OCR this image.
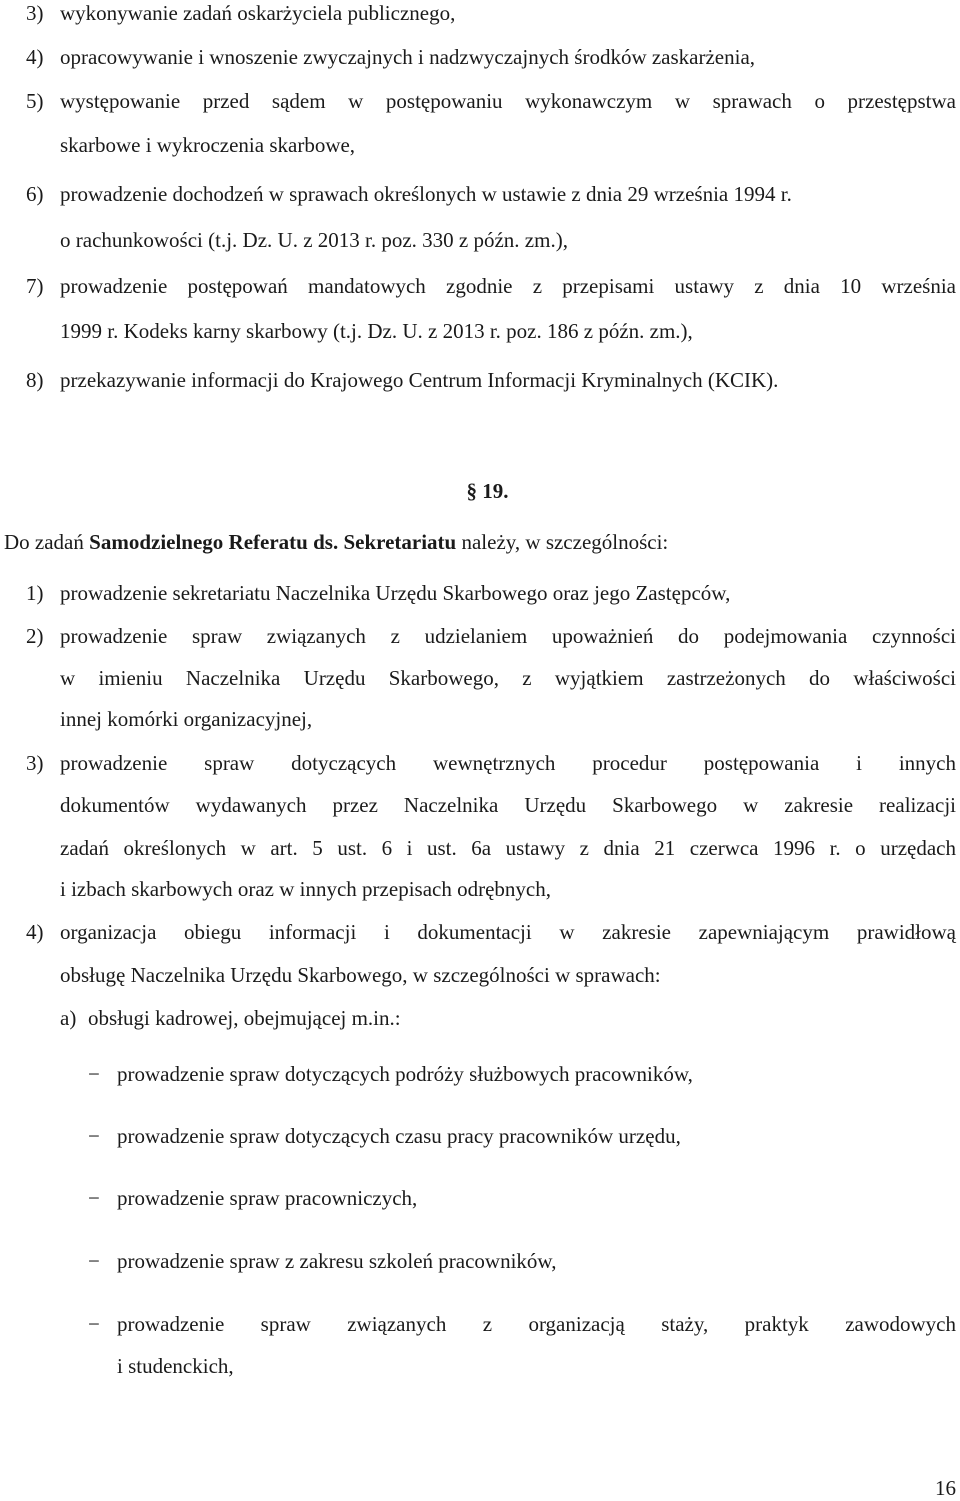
3) wykonywanie zadań oskarżyciela publicznego,
4) opracowywanie i wnoszenie zwyczajnych i nadzwyczajnych środków zaskarżenia,
5) występowanie przed sądem w postępowaniu wykonawczym w sprawach o przestępstwa
skarbowe i wykroczenia skarbowe,
6) prowadzenie dochodzeń w sprawach określonych w ustawie z dnia 29 września 1994 r.
o rachunkowości (t.j. Dz. U. z 2013 r. poz. 330 z późn. zm.),
7) prowadzenie postępowań mandatowych zgodnie z przepisami ustawy z dnia 10 września
1999 r. Kodeks karny skarbowy (t.j. Dz. U. z 2013 r. poz. 186 z późn. zm.),
8) przekazywanie informacji do Krajowego Centrum Informacji Kryminalnych (KCIK).
§ 19.
Do zadań Samodzielnego Referatu ds. Sekretariatu należy, w szczególności:
1) prowadzenie sekretariatu Naczelnika Urzędu Skarbowego oraz jego Zastępców,
2) prowadzenie spraw związanych z udzielaniem upoważnień do podejmowania czynności
w imieniu Naczelnika Urzędu Skarbowego, z wyjątkiem zastrzeżonych do właściwości
innej komórki organizacyjnej,
3) prowadzenie spraw dotyczących wewnętrznych procedur postępowania i innych
dokumentów wydawanych przez Naczelnika Urzędu Skarbowego w zakresie realizacji
zadań określonych w art. 5 ust. 6 i ust. 6a ustawy z dnia 21 czerwca 1996 r. o urzędach
i izbach skarbowych oraz w innych przepisach odrębnych,
4) organizacja obiegu informacji i dokumentacji w zakresie zapewniającym prawidłową
obsługę Naczelnika Urzędu Skarbowego, w szczególności w sprawach:
a) obsługi kadrowej, obejmującej m.in.:
− prowadzenie spraw dotyczących podróży służbowych pracowników,
− prowadzenie spraw dotyczących czasu pracy pracowników urzędu,
− prowadzenie spraw pracowniczych,
− prowadzenie spraw z zakresu szkoleń pracowników,
− prowadzenie spraw związanych z organizacją staży, praktyk zawodowych
i studenckich,
16
